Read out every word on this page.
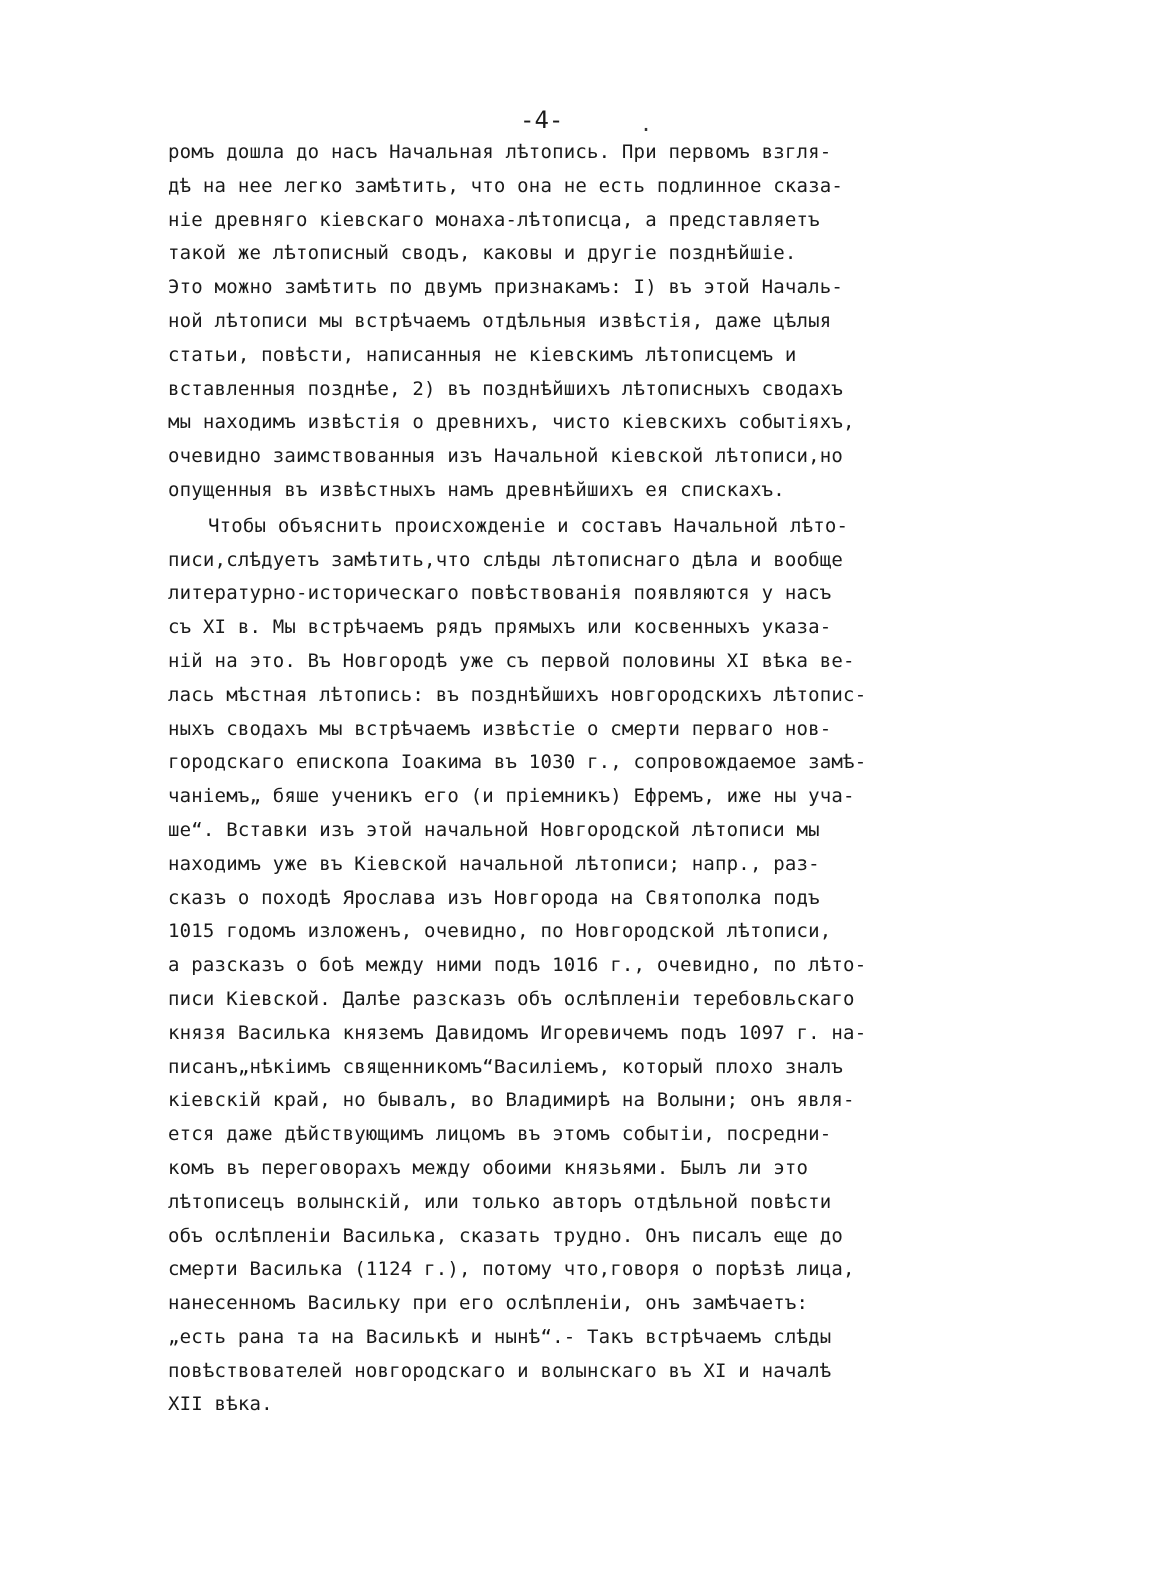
-4-	.
ромъ дошла до насъ Начальная лѣтопись. При первомъ взгля-
дѣ на нее легко замѣтить, что она не есть подлинное сказа-
ніе древняго кіевскаго монаха-лѣтописца, а представляетъ
такой же лѣтописный сводъ, каковы и другіе позднѣйшіе.
Это можно замѣтить по двумъ признакамъ: I) въ этой Началь-
ной лѣтописи мы встрѣчаемъ отдѣльныя извѣстія, даже цѣлыя
статьи, повѣсти, написанныя не кіевскимъ лѣтописцемъ и
вставленныя позднѣе, 2) въ позднѣйшихъ лѣтописныхъ сводахъ
мы находимъ извѣстія о древнихъ, чисто кіевскихъ событіяхъ,
очевидно заимствованныя изъ Начальной кіевской лѣтописи,но
опущенныя въ извѣстныхъ намъ древнѣйшихъ ея спискахъ.
Чтобы объяснить происхожденіе и составъ Начальной лѣто-
писи,слѣдуетъ замѣтить,что слѣды лѣтописнаго дѣла и вообще
литературно-историческаго повѣствованія появляются у насъ
съ XI в. Мы встрѣчаемъ рядъ прямыхъ или косвенныхъ указа-
ній на это. Въ Новгородѣ уже съ первой половины XI вѣка ве-
лась мѣстная лѣтопись: въ позднѣйшихъ новгородскихъ лѣтопис-
ныхъ сводахъ мы встрѣчаемъ извѣстіе о смерти перваго нов-
городскаго епископа Іоакима въ 1030 г., сопровождаемое замѣ-
чаніемъ„ бяше ученикъ его (и пріемникъ) Ефремъ, иже ны уча-
ше“. Вставки изъ этой начальной Новгородской лѣтописи мы
находимъ уже въ Кіевской начальной лѣтописи; напр., раз-
сказъ о походѣ Ярослава изъ Новгорода на Святополка подъ
1015 годомъ изложенъ, очевидно, по Новгородской лѣтописи,
а разсказъ о боѣ между ними подъ 1016 г., очевидно, по лѣто-
писи Кіевской. Далѣе разсказъ объ ослѣпленіи теребовльскаго
князя Василька княземъ Давидомъ Игоревичемъ подъ 1097 г. на-
писанъ„нѣкіимъ священникомъ“Василіемъ, который плохо зналъ
кіевскій край, но бывалъ, во Владимирѣ на Волыни; онъ явля-
ется даже дѣйствующимъ лицомъ въ этомъ событіи, посредни-
комъ въ переговорахъ между обоими князьями. Былъ ли это
лѣтописецъ волынскій, или только авторъ отдѣльной повѣсти
объ ослѣпленіи Василька, сказать трудно. Онъ писалъ еще до
смерти Василька (1124 г.), потому что,говоря о порѣзѣ лица,
нанесенномъ Васильку при его ослѣпленіи, онъ замѣчаетъ:
„есть рана та на Василькѣ и нынѣ“.- Такъ встрѣчаемъ слѣды
повѣствователей новгородскаго и волынскаго въ XI и началѣ
XII вѣка.
